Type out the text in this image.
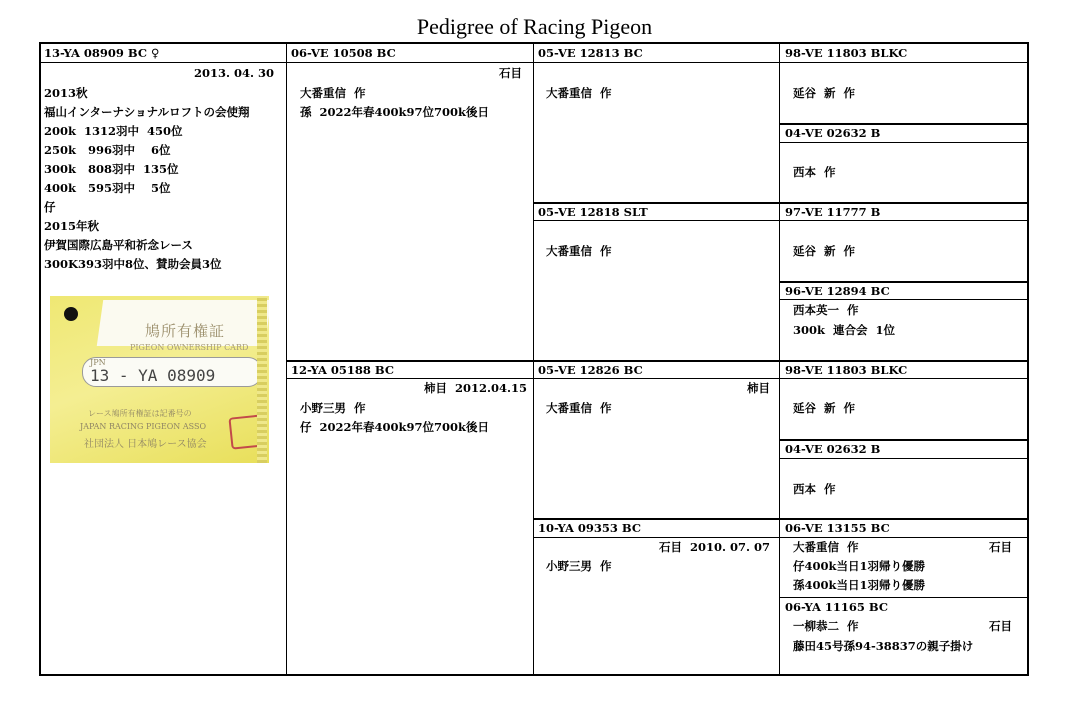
Pedigree of Racing Pigeon
13-YA 08909 BC ♀
2013. 04. 30
2013秋
福山インターナショナルロフトの会使翔
200k  1312羽中  450位
250k   996羽中    6位
300k   808羽中  135位
400k   595羽中    5位
仔
2015年秋
伊賀国際広島平和祈念レース
300K393羽中8位、賛助会員3位
鳩所有権証
PIGEON OWNERSHIP CARD
JPN
13 - YA 08909
レース鳩所有権証は記番号の
JAPAN RACING PIGEON ASSO
社団法人 日本鳩レース協会
06-VE 10508 BC
石目
大番重信  作
孫  2022年春400k97位700k後日
12-YA 05188 BC
柿目  2012.04.15
小野三男  作
仔  2022年春400k97位700k後日
05-VE 12813 BC
大番重信  作
05-VE 12818 SLT
大番重信  作
05-VE 12826 BC
柿目
大番重信  作
10-YA 09353 BC
石目  2010. 07. 07
小野三男  作
98-VE 11803 BLKC
延谷  新  作
04-VE 02632 B
西本  作
97-VE 11777 B
延谷  新  作
96-VE 12894 BC
西本英一  作
300k  連合会  1位
98-VE 11803 BLKC
延谷  新  作
04-VE 02632 B
西本  作
06-VE 13155 BC
大番重信  作	石目
仔400k当日1羽帰り優勝
孫400k当日1羽帰り優勝
06-YA 11165 BC
一柳恭二  作	石目
藤田45号孫94-38837の親子掛け
